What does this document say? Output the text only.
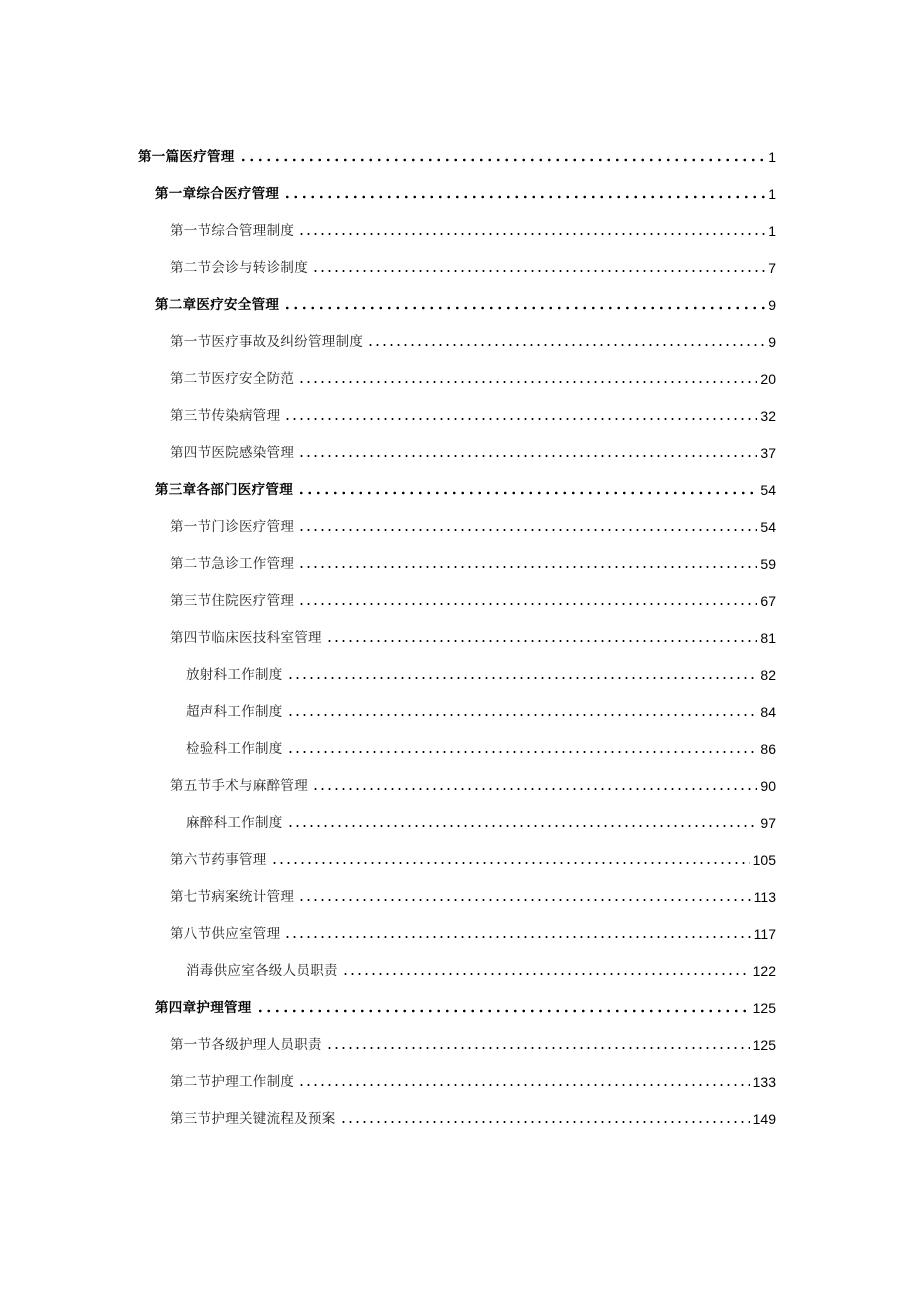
第一篇医疗管理	1
第一章综合医疗管理	1
第一节综合管理制度	1
第二节会诊与转诊制度	7
第二章医疗安全管理	9
第一节医疗事故及纠纷管理制度	9
第二节医疗安全防范	20
第三节传染病管理	32
第四节医院感染管理	37
第三章各部门医疗管理	54
第一节门诊医疗管理	54
第二节急诊工作管理	59
第三节住院医疗管理	67
第四节临床医技科室管理	81
放射科工作制度	82
超声科工作制度	84
检验科工作制度	86
第五节手术与麻醉管理	90
麻醉科工作制度	97
第六节药事管理	105
第七节病案统计管理	113
第八节供应室管理	117
消毒供应室各级人员职责	122
第四章护理管理	125
第一节各级护理人员职责	125
第二节护理工作制度	133
第三节护理关键流程及预案	149
